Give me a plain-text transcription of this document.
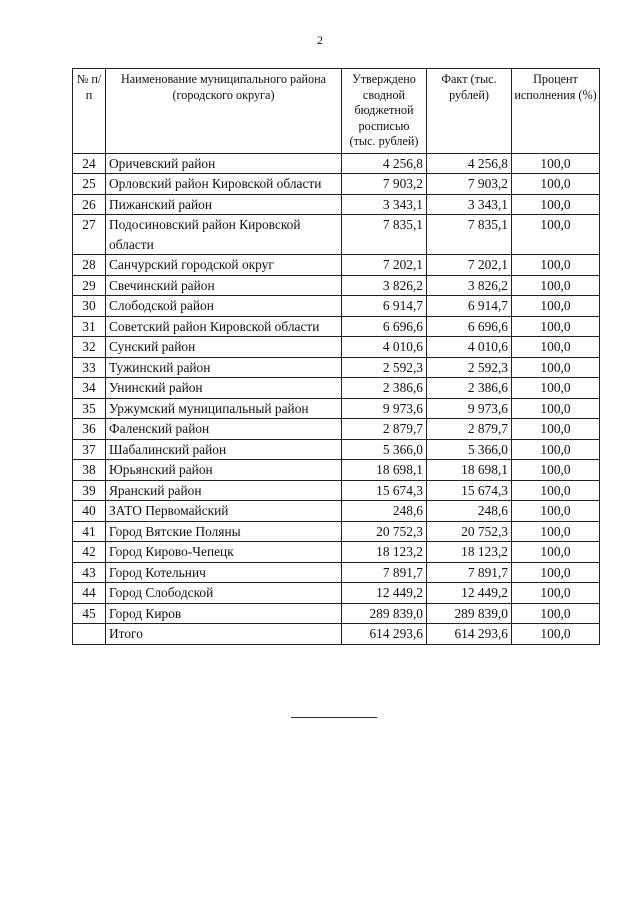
2
№ п/п	Наименование муниципального района (городского округа)	Утверждено сводной бюджетной росписью (тыс. рублей)	Факт (тыс. рублей)	Процент исполнения (%)
24	Оричевский район	4 256,8	4 256,8	100,0
25	Орловский район Кировской области	7 903,2	7 903,2	100,0
26	Пижанский район	3 343,1	3 343,1	100,0
27	Подосиновский район Кировской области	7 835,1	7 835,1	100,0
28	Санчурский городской округ	7 202,1	7 202,1	100,0
29	Свечинский район	3 826,2	3 826,2	100,0
30	Слободской район	6 914,7	6 914,7	100,0
31	Советский район Кировской области	6 696,6	6 696,6	100,0
32	Сунский район	4 010,6	4 010,6	100,0
33	Тужинский район	2 592,3	2 592,3	100,0
34	Унинский район	2 386,6	2 386,6	100,0
35	Уржумский муниципальный район	9 973,6	9 973,6	100,0
36	Фаленский район	2 879,7	2 879,7	100,0
37	Шабалинский район	5 366,0	5 366,0	100,0
38	Юрьянский район	18 698,1	18 698,1	100,0
39	Яранский район	15 674,3	15 674,3	100,0
40	ЗАТО Первомайский	248,6	248,6	100,0
41	Город Вятские Поляны	20 752,3	20 752,3	100,0
42	Город Кирово-Чепецк	18 123,2	18 123,2	100,0
43	Город Котельнич	7 891,7	7 891,7	100,0
44	Город Слободской	12 449,2	12 449,2	100,0
45	Город Киров	289 839,0	289 839,0	100,0
	Итого	614 293,6	614 293,6	100,0
